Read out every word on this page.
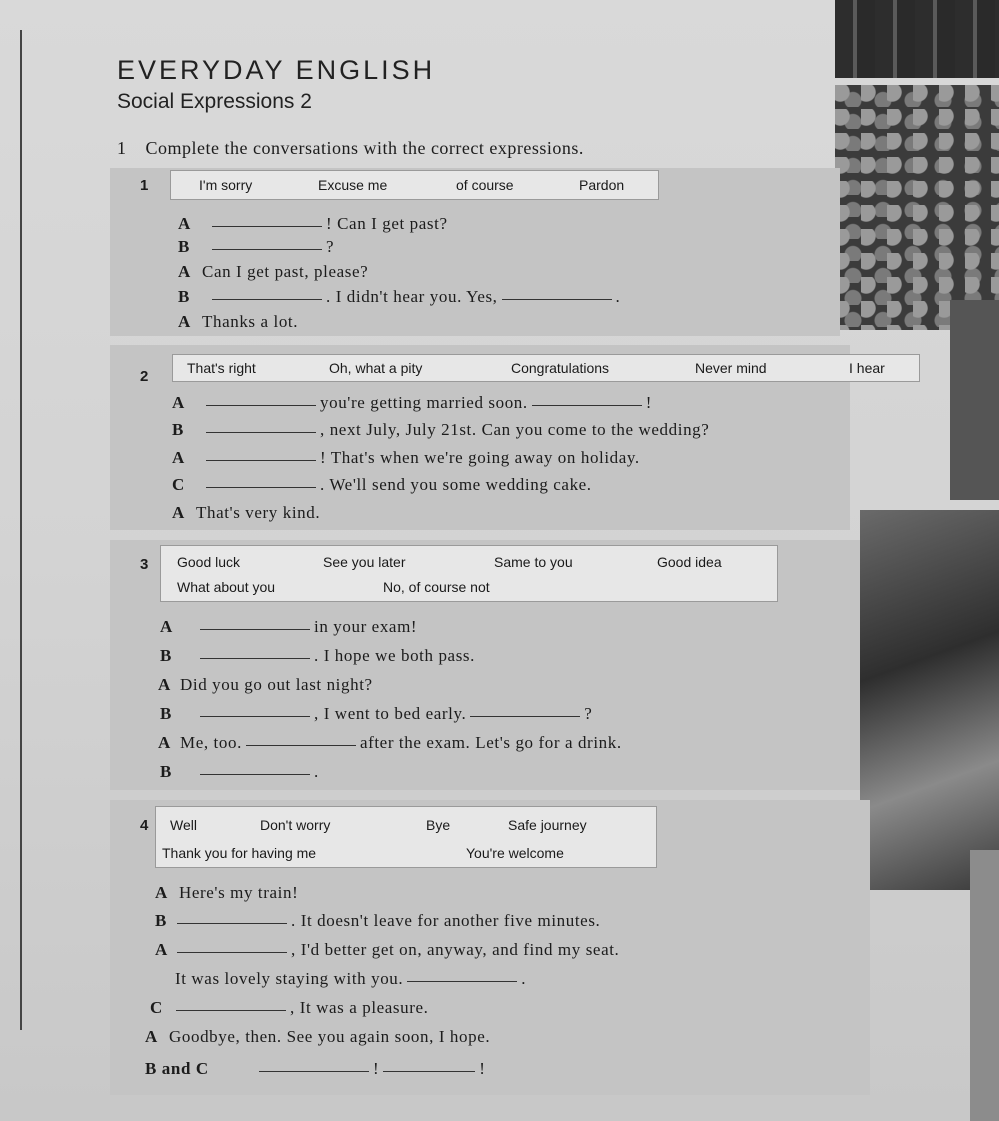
EVERYDAY ENGLISH
Social Expressions 2
1 Complete the conversations with the correct expressions.
1	I'm sorry	Excuse me	of course	Pardon
A	! Can I get past?
B	?
A Can I get past, please?
B	. I didn't hear you. Yes,	.
A Thanks a lot.
2	That's right	Oh, what a pity	Congratulations	Never mind	I hear
A	you're getting married soon.	!
B	, next July, July 21st. Can you come to the wedding?
A	! That's when we're going away on holiday.
C	. We'll send you some wedding cake.
A That's very kind.
3 Good luck	See you later	Same to you	Good idea
What about you	No, of course not
A	in your exam!
B	. I hope we both pass.
A Did you go out last night?
B	, I went to bed early.	?
A Me, too.	after the exam. Let's go for a drink.
B	.
4 Well	Don't worry	Bye	Safe journey
Thank you for having me	You're welcome
A Here's my train!
B	. It doesn't leave for another five minutes.
A	, I'd better get on, anyway, and find my seat.
It was lovely staying with you.	.
C	, It was a pleasure.
A Goodbye, then. See you again soon, I hope.
B and C	!	!
